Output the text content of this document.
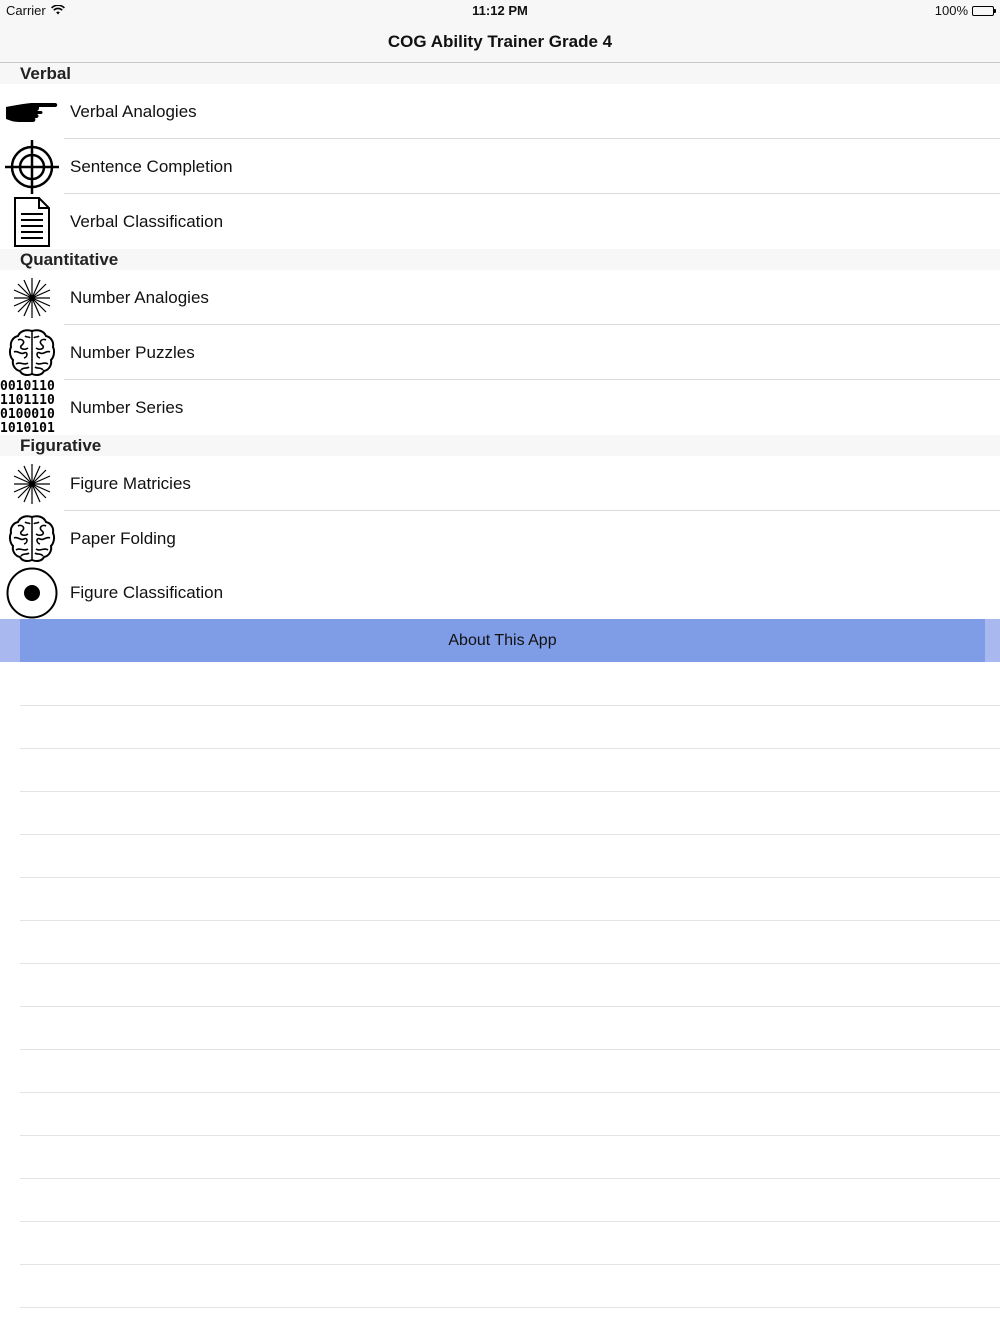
Carrier	11:12 PM	100%
COG Ability Trainer Grade 4
Verbal
Verbal Analogies
Sentence Completion
Verbal Classification
Quantitative
Number Analogies
Number Puzzles
0010110
1101110
0100010
1010101
Number Series
Figurative
Figure Matricies
Paper Folding
Figure Classification
About This App
